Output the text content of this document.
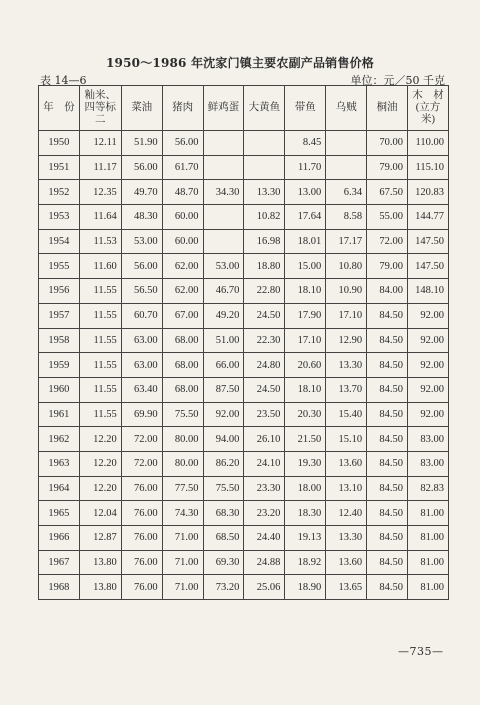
1950～1986 年沈家门镇主要农副产品销售价格
表 14—6	单位：元／50 千克
年　份	籼米、
四等标二	菜油	猪肉	鲜鸡蛋	大黄鱼	带鱼	乌贼	桐油	木　材
(立方米)

1950	12.11	51.90	56.00			8.45		70.00	110.00
1951	11.17	56.00	61.70			11.70		79.00	115.10
1952	12.35	49.70	48.70	34.30	13.30	13.00	6.34	67.50	120.83
1953	11.64	48.30	60.00		10.82	17.64	8.58	55.00	144.77
1954	11.53	53.00	60.00		16.98	18.01	17.17	72.00	147.50
1955	11.60	56.00	62.00	53.00	18.80	15.00	10.80	79.00	147.50
1956	11.55	56.50	62.00	46.70	22.80	18.10	10.90	84.00	148.10
1957	11.55	60.70	67.00	49.20	24.50	17.90	17.10	84.50	92.00
1958	11.55	63.00	68.00	51.00	22.30	17.10	12.90	84.50	92.00
1959	11.55	63.00	68.00	66.00	24.80	20.60	13.30	84.50	92.00
1960	11.55	63.40	68.00	87.50	24.50	18.10	13.70	84.50	92.00
1961	11.55	69.90	75.50	92.00	23.50	20.30	15.40	84.50	92.00
1962	12.20	72.00	80.00	94.00	26.10	21.50	15.10	84.50	83.00
1963	12.20	72.00	80.00	86.20	24.10	19.30	13.60	84.50	83.00
1964	12.20	76.00	77.50	75.50	23.30	18.00	13.10	84.50	82.83
1965	12.04	76.00	74.30	68.30	23.20	18.30	12.40	84.50	81.00
1966	12.87	76.00	71.00	68.50	24.40	19.13	13.30	84.50	81.00
1967	13.80	76.00	71.00	69.30	24.88	18.92	13.60	84.50	81.00
1968	13.80	76.00	71.00	73.20	25.06	18.90	13.65	84.50	81.00
—735—
